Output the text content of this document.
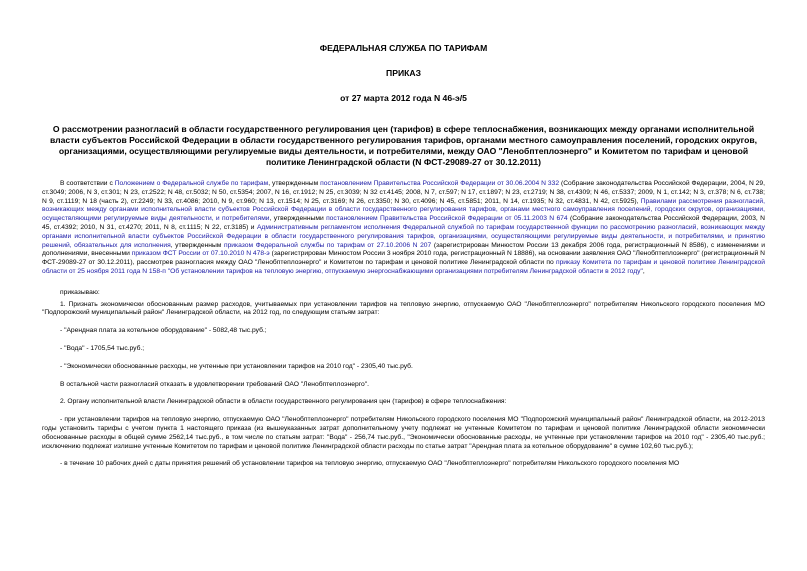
ФЕДЕРАЛЬНАЯ СЛУЖБА ПО ТАРИФАМ
ПРИКАЗ
от 27 марта 2012 года N 46-э/5
О рассмотрении разногласий в области государственного регулирования цен (тарифов) в сфере теплоснабжения, возникающих между органами исполнительной власти субъектов Российской Федерации в области государственного регулирования тарифов, органами местного самоуправления поселений, городских округов, организациями, осуществляющими регулируемые виды деятельности, и потребителями, между ОАО "Ленобптеплоэнерго" и Комитетом по тарифам и ценовой политике Ленинградской области (N ФСТ-29089-27 от 30.12.2011)
В соответствии с Положением о Федеральной службе по тарифам, утвержденным постановлением Правительства Российской Федерации от 30.06.2004 N 332 (Собрание законодательства Российской Федерации, 2004, N 29, ст.3049; 2006, N 3, ст.301; N 23, ст.2522; N 48, ст.5032; N 50, ст.5354; 2007, N 16, ст.1912; N 25, ст.3039; N 32 ст.4145; 2008, N 7, ст.597; N 17, ст.1897; N 23, ст.2719; N 38, ст.4309; N 46, ст.5337; 2009, N 1, ст.142; N 3, ст.378; N 6, ст.738; N 9, ст.1119; N 18 (часть 2), ст.2249; N 33, ст.4086; 2010, N 9, ст.960; N 13, ст.1514; N 25, ст.3169; N 26, ст.3350; N 30, ст.4096; N 45, ст.5851; 2011, N 14, ст.1935; N 32, ст.4831, N 42, ст.5925), Правилами рассмотрения разногласий, возникающих между органами исполнительной власти субъектов Российской Федерации в области государственного регулирования тарифов, органами местного самоуправления поселений, городских округов, организациями, осуществляющими регулируемые виды деятельности, и потребителями, утвержденными постановлением Правительства Российской Федерации от 05.11.2003 N 674 (Собрание законодательства Российской Федерации, 2003, N 45, ст.4392; 2010, N 31, ст.4270; 2011, N 8, ст.1115; N 22, ст.3185) и Административным регламентом исполнения Федеральной службой по тарифам государственной функции по рассмотрению разногласий, возникающих между органами исполнительной власти субъектов Российской Федерации в области государственного регулирования тарифов, организациями, осуществляющими регулируемые виды деятельности, и потребителями, и принятию решений, обязательных для исполнения, утвержденным приказом Федеральной службы по тарифам от 27.10.2006 N 207 (зарегистрирован Минюстом России 13 декабря 2006 года, регистрационный N 8586), с изменениями и дополнениями, внесенными приказом ФСТ России от 07.10.2010 N 478-э (зарегистрирован Минюстом России 3 ноября 2010 года, регистрационный N 18886), на основании заявления ОАО "Ленобптеплоэнерго" (регистрационный N ФСТ-29089-27 от 30.12.2011), рассмотрев разногласия между ОАО "Ленобптеплоэнерго" и Комитетом по тарифам и ценовой политике Ленинградской области по приказу Комитета по тарифам и ценовой политике Ленинградской области от 25 ноября 2011 года N 158-п "Об установлении тарифов на тепловую энергию, отпускаемую энергоснабжающими организациями потребителям Ленинградской области в 2012 году",
приказываю:
1. Признать экономически обоснованным размер расходов, учитываемых при установлении тарифов на тепловую энергию, отпускаемую ОАО "Ленобптеплоэнерго" потребителям Никольского городского поселения МО "Подпорожский муниципальный район" Ленинградской области, на 2012 год, по следующим статьям затрат:
- "Арендная плата за котельное оборудование" - 5082,48 тыс.руб.;
- "Вода" - 1705,54 тыс.руб.;
- "Экономически обоснованные расходы, не учтенные при установлении тарифов на 2010 год" - 2305,40 тыс.руб.
В остальной части разногласий отказать в удовлетворении требований ОАО "Ленобптеплоэнерго".
2. Органу исполнительной власти Ленинградской области в области государственного регулирования цен (тарифов) в сфере теплоснабжения:
- при установлении тарифов на тепловую энергию, отпускаемую ОАО "Ленобптеплоэнерго" потребителям Никольского городского поселения МО "Подпорожский муниципальный район" Ленинградской области, на 2012-2013 годы установить тарифы с учетом пункта 1 настоящего приказа (из вышеуказанных затрат дополнительному учету подлежат не учтенные Комитетом по тарифам и ценовой политике Ленинградской области экономически обоснованные расходы в общей сумме 2562,14 тыс.руб., в том числе по статьям затрат: "Вода" - 256,74 тыс.руб., "Экономически обоснованные расходы, не учтенные при установлении тарифов на 2010 год" - 2305,40 тыс.руб.; исключению подлежат излишне учтенные Комитетом по тарифам и ценовой политике Ленинградской области расходы по статье затрат "Арендная плата за котельное оборудование" в сумме 102,60 тыс.руб.);
- в течение 10 рабочих дней с даты принятия решений об установлении тарифов на тепловую энергию, отпускаемую ОАО "Ленобптеплоэнерго" потребителям Никольского городского поселения МО
